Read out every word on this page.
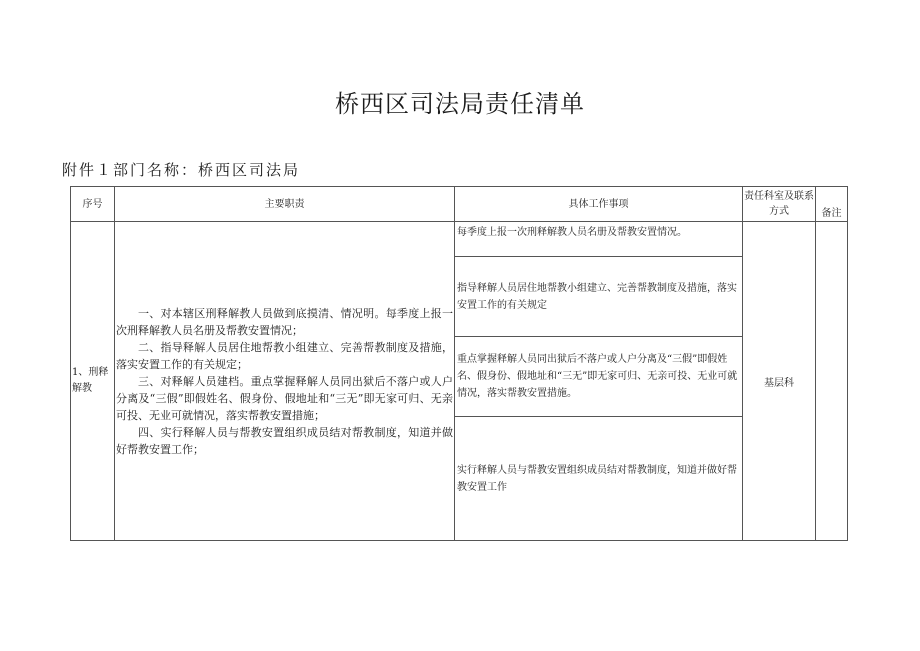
桥西区司法局责任清单
附件１部门名称：桥西区司法局
序号	主要职责	具体工作事项	责任科室及联系方式	备注
1、刑释解教	一、对本辖区刑释解教人员做到底摸清、情况明。每季度上报一次刑释解教人员名册及帮教安置情况；

二、指导释解人员居住地帮教小组建立、完善帮教制度及措施，落实安置工作的有关规定；

三、对释解人员建档。重点掌握释解人员同出狱后不落户或人户分离及“三假”即假姓名、假身份、假地址和“三无”即无家可归、无亲可投、无业可就情况，落实帮教安置措施；

四、实行释解人员与帮教安置组织成员结对帮教制度，知道并做好帮教安置工作；	每季度上报一次刑释解教人员名册及帮教安置情况。	基层科	
		指导释解人员居住地帮教小组建立、完善帮教制度及措施，落实安置工作的有关规定		
		重点掌握释解人员同出狱后不落户或人户分离及“三假”即假姓名、假身份、假地址和“三无”即无家可归、无亲可投、无业可就情况，落实帮教安置措施。		
		实行释解人员与帮教安置组织成员结对帮教制度，知道并做好帮教安置工作		
